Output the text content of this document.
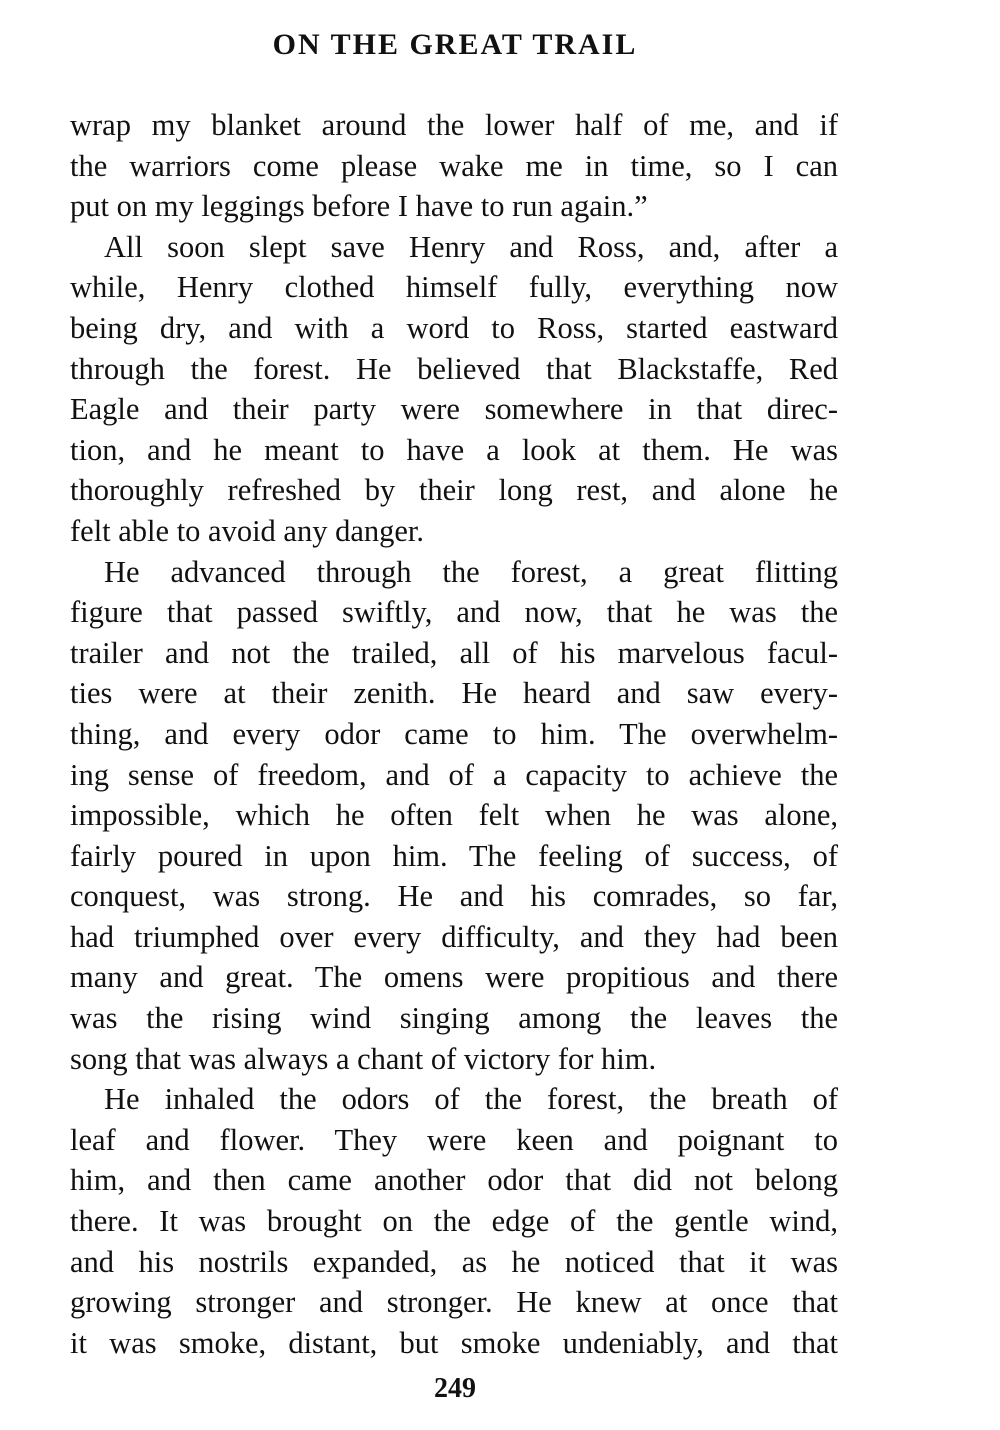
ON THE GREAT TRAIL
wrap my blanket around the lower half of me, and if
the warriors come please wake me in time, so I can
put on my leggings before I have to run again.”
All soon slept save Henry and Ross, and, after a
while, Henry clothed himself fully, everything now
being dry, and with a word to Ross, started eastward
through the forest. He believed that Blackstaffe, Red
Eagle and their party were somewhere in that direc-
tion, and he meant to have a look at them. He was
thoroughly refreshed by their long rest, and alone he
felt able to avoid any danger.
He advanced through the forest, a great flitting
figure that passed swiftly, and now, that he was the
trailer and not the trailed, all of his marvelous facul-
ties were at their zenith. He heard and saw every-
thing, and every odor came to him. The overwhelm-
ing sense of freedom, and of a capacity to achieve the
impossible, which he often felt when he was alone,
fairly poured in upon him. The feeling of success, of
conquest, was strong. He and his comrades, so far,
had triumphed over every difficulty, and they had been
many and great. The omens were propitious and there
was the rising wind singing among the leaves the
song that was always a chant of victory for him.
He inhaled the odors of the forest, the breath of
leaf and flower. They were keen and poignant to
him, and then came another odor that did not belong
there. It was brought on the edge of the gentle wind,
and his nostrils expanded, as he noticed that it was
growing stronger and stronger. He knew at once that
it was smoke, distant, but smoke undeniably, and that
249
